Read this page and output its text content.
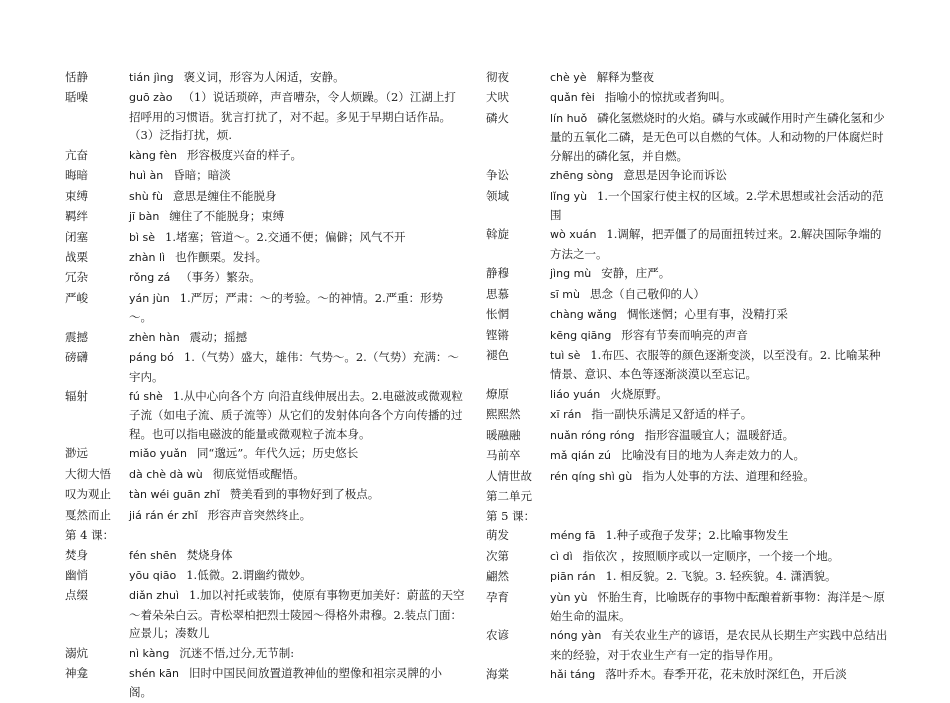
恬静	tián jìng 褒义词，形容为人闲适，安静。
聒噪	guō zào （1）说话琐碎，声音嘈杂，令人烦躁。（2）江湖上打招呼用的习惯语。犹言打扰了，对不起。多见于早期白话作品。（3）泛指打扰，烦.
亢奋	kàng fèn 形容极度兴奋的样子。
晦暗	huì àn 昏暗；暗淡
束缚	shù fù 意思是缠住不能脱身
羁绊	jī bàn 缠住了不能脱身；束缚
闭塞	bì sè 1.堵塞；管道～。2.交通不便；偏僻；风气不开
战栗	zhàn lì 也作颤栗。发抖。
冗杂	rǒng zá （事务）繁杂。
严峻	yán jùn 1.严厉；严肃：～的考验。～的神情。2.严重：形势～。
震撼	zhèn hàn 震动；摇撼
磅礴	páng bó 1.（气势）盛大，雄伟：气势～。2.（气势）充满：～宇内。
辐射	fú shè 1.从中心向各个方 向沿直线伸展出去。2.电磁波或微观粒子流（如电子流、质子流等）从它们的发射体向各个方向传播的过 程。也可以指电磁波的能量或微观粒子流本身。
渺远	miǎo yuǎn 同“邈远”。年代久远；历史悠长
大彻大悟	dà chè dà wù 彻底觉悟或醒悟。
叹为观止	tàn wéi guān zhǐ 赞美看到的事物好到了极点。
戛然而止	jiá rán ér zhǐ 形容声音突然终止。
第 4 课：
焚身	fén shēn 焚烧身体
幽悄	yōu qiāo 1.低微。2.谓幽约微妙。
点缀	diǎn zhuì 1.加以衬托或装饰，使原有事物更加美好：蔚蓝的天空～着朵朵白云。青松翠柏把烈士陵园～得格外肃穆。2.装点门面：应景儿；凑数儿
溺炕	nì kàng 沉迷不悟,过分,无节制:
神龛	shén kān 旧时中国民间放置道教神仙的塑像和祖宗灵牌的小阁。
彻夜	chè yè 解释为整夜
犬吠	quǎn fèi 指喻小的惊扰或者狗叫。
磷火	lín huǒ 磷化氢燃烧时的火焰。磷与水或碱作用时产生磷化氢和少量的五氧化二磷，是无色可以自燃的气体。人和动物的尸体腐烂时分解出的磷化氢，并自燃。
争讼	zhēng sòng 意思是因争论而诉讼
领域	lǐng yù 1.一个国家行使主权的区域。2.学术思想或社会活动的范围
斡旋	wò xuán 1.调解，把弄僵了的局面扭转过来。2.解决国际争端的方法之一。
静穆	jìng mù 安静，庄严。
思慕	sī mù 思念（自己敬仰的人）
怅惘	chàng wǎng 惆怅迷惘；心里有事，没精打采
铿锵	kēng qiāng 形容有节奏而响亮的声音
褪色	tuì sè 1.布匹、衣服等的颜色逐渐变淡，以至没有。2. 比喻某种情景、意识、本色等逐渐淡漠以至忘记。
燎原	liáo yuán 火烧原野。
熙熙然	xī rán 指一副快乐满足又舒适的样子。
暖融融	nuǎn róng róng 指形容温暖宜人；温暖舒适。
马前卒	mǎ qián zú 比喻没有目的地为人奔走效力的人。
人情世故	rén qíng shì gù 指为人处事的方法、道理和经验。
第二单元
第 5 课：
萌发	méng fā 1.种子或孢子发芽；2.比喻事物发生
次第	cì dì 指依次 ，按照顺序或以一定顺序，一个接一个地。
翩然	piān rán 1. 相反貌。2. 飞貌。3. 轻疾貌。4. 潇洒貌。
孕育	yùn yù 怀胎生育，比喻既存的事物中酝酿着新事物：海洋是～原始生命的温床。
农谚	nóng yàn 有关农业生产的谚语，是农民从长期生产实践中总结出来的经验，对于农业生产有一定的指导作用。
海棠	hǎi táng 落叶乔木。春季开花，花未放时深红色，开后淡
